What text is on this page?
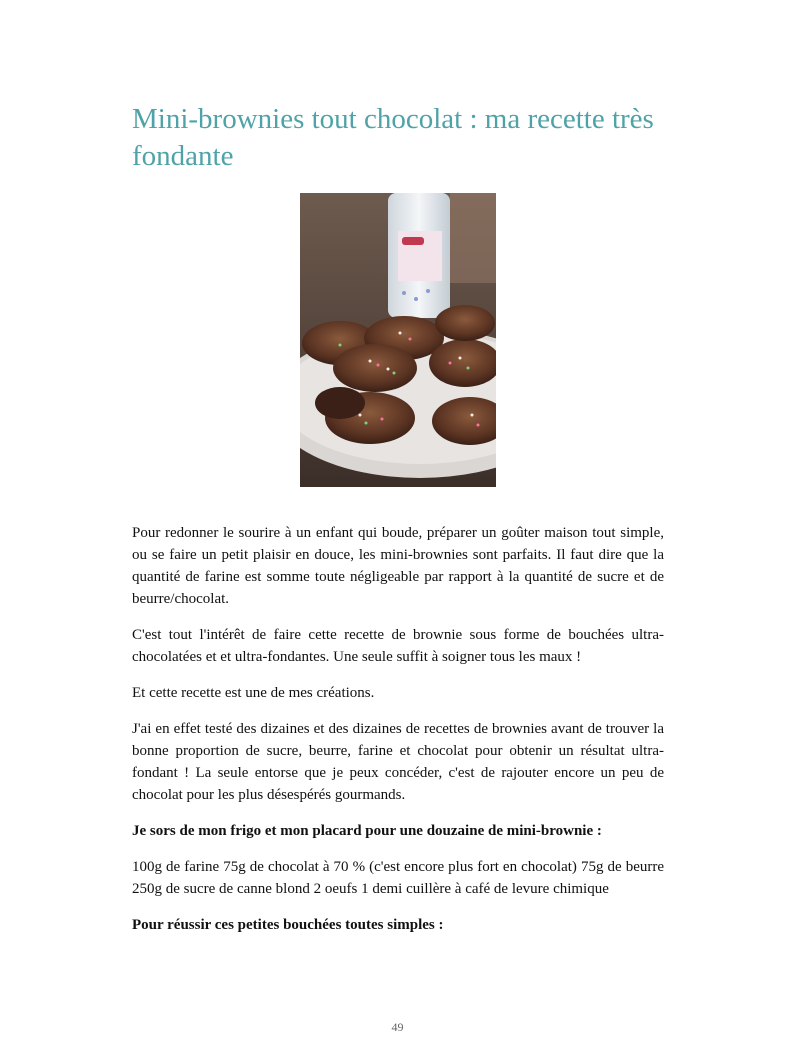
Mini-brownies tout chocolat : ma recette très fondante

Pour redonner le sourire à un enfant qui boude, préparer un goûter maison tout simple, ou se faire un petit plaisir en douce, les mini-brownies sont parfaits. Il faut dire que la quantité de farine est somme toute négligeable par rapport à la quantité de sucre et de beurre/chocolat.

C'est tout l'intérêt de faire cette recette de brownie sous forme de bouchées ultra-chocolatées et et ultra-fondantes. Une seule suffit à soigner tous les maux !

Et cette recette est une de mes créations.

J'ai en effet testé des dizaines et des dizaines de recettes de brownies avant de trouver la bonne proportion de sucre, beurre, farine et chocolat pour obtenir un résultat ultra-fondant ! La seule entorse que je peux concéder, c'est de rajouter encore un peu de chocolat pour les plus désespérés gourmands.

Je sors de mon frigo et mon placard pour une douzaine de mini-brownie :

100g de farine 75g de chocolat à 70 % (c'est encore plus fort en chocolat) 75g de beurre 250g de sucre de canne blond 2 oeufs 1 demi cuillère à café de levure chimique

Pour réussir ces petites bouchées toutes simples :

49
